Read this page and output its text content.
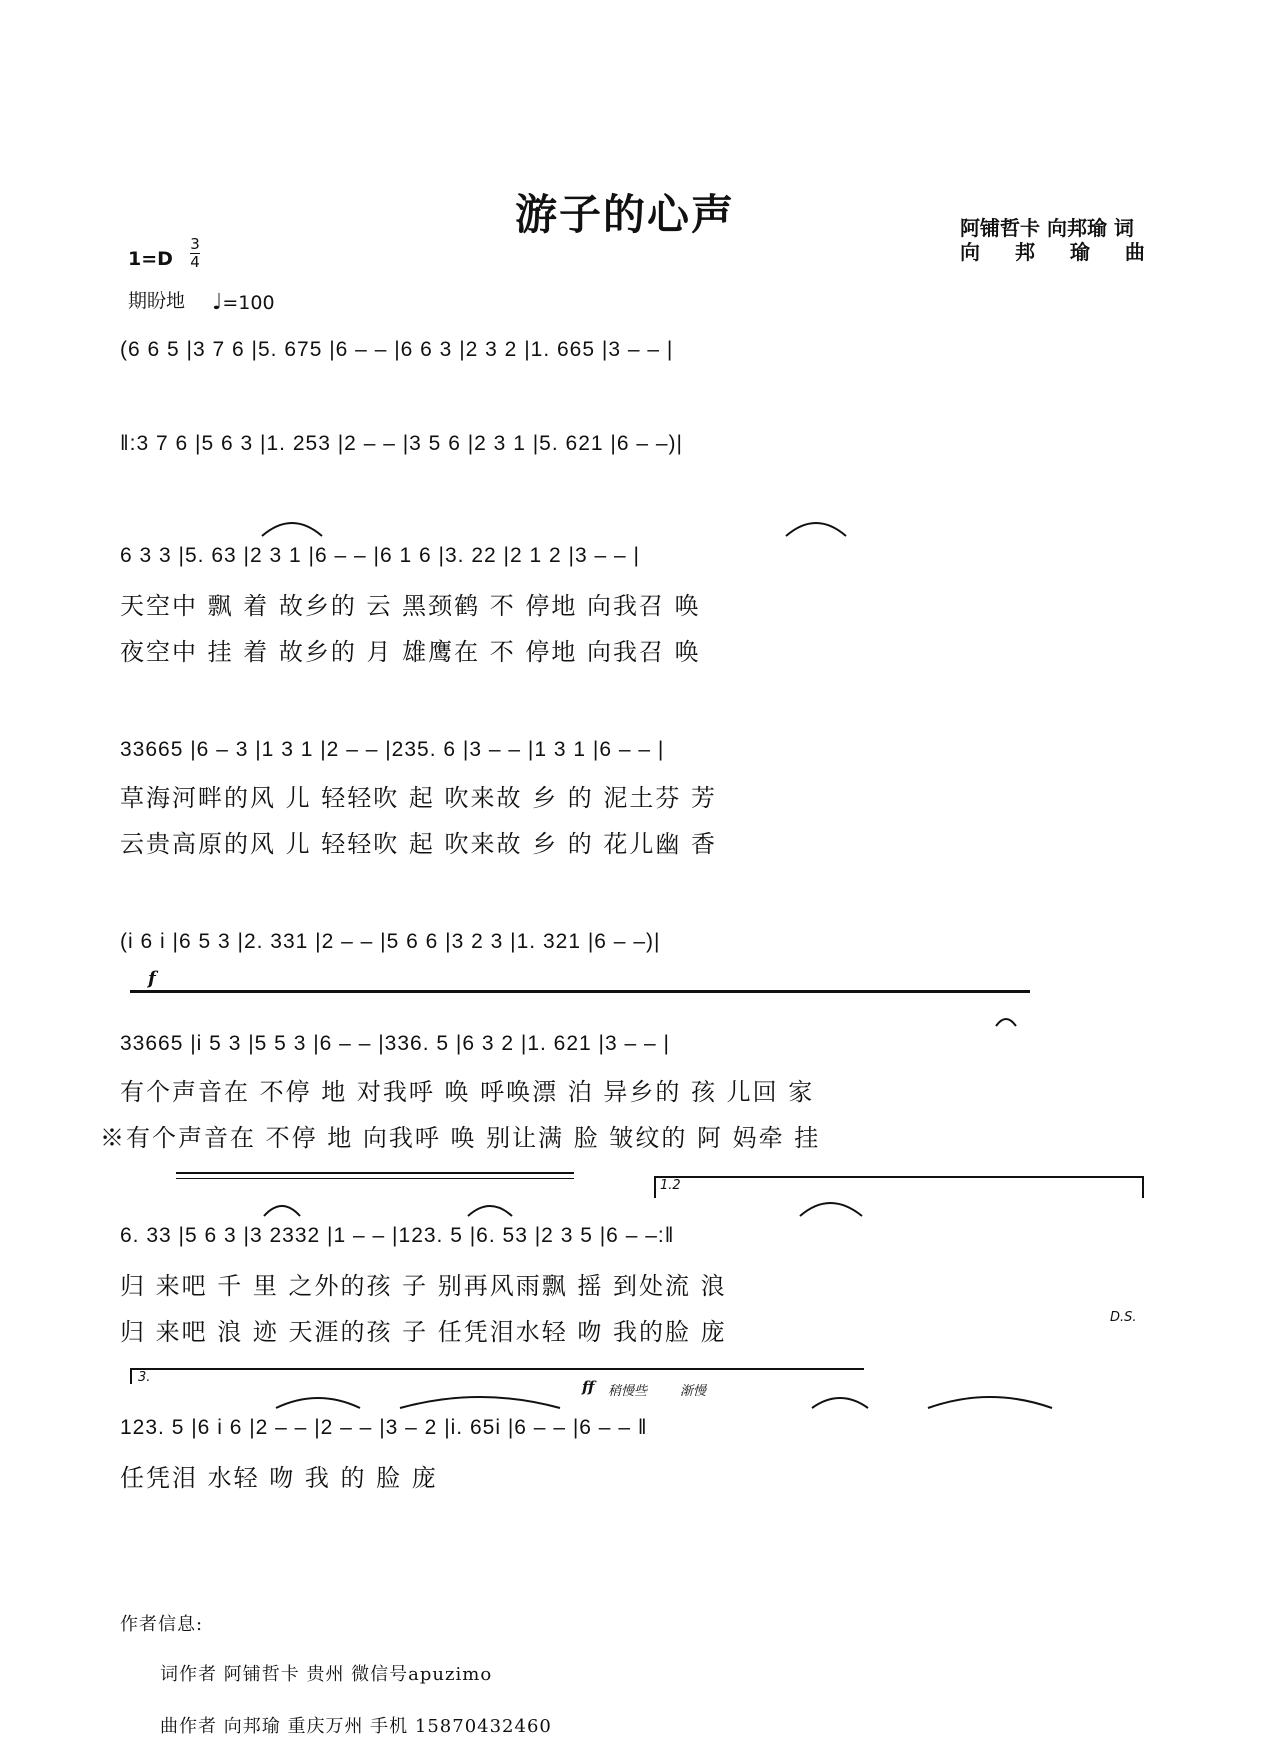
游子的心声	阿铺哲卡 向邦瑜 词
向 邦 瑜 曲
1=D
3
4
期盼地 ♩=100
(6 6 5 |3 7 6 |5. 675 |6 – – |6 6 3 |2 3 2 |1. 665 |3 – – |
‖:3 7 6 |5 6 3 |1. 253 |2 – – |3 5 6 |2 3 1 |5. 621 |6 – –)|
6 3 3 |5. 63 |2 3 1 |6 – – |6 1 6 |3. 22 |2 1 2 |3 – – |
天空中 飘 着 故乡的 云 黑颈鹤 不 停地 向我召 唤
夜空中 挂 着 故乡的 月 雄鹰在 不 停地 向我召 唤
33665 |6 – 3 |1 3 1 |2 – – |235. 6 |3 – – |1 3 1 |6 – – |
草海河畔的风 儿 轻轻吹 起 吹来故 乡 的 泥土芬 芳
云贵高原的风 儿 轻轻吹 起 吹来故 乡 的 花儿幽 香
(i 6 i |6 5 3 |2. 331 |2 – – |5 6 6 |3 2 3 |1. 321 |6 – –)|
f
33665 |i 5 3 |5 5 3 |6 – – |336. 5 |6 3 2 |1. 621 |3 – – |
有个声音在 不停 地 对我呼 唤 呼唤漂 泊 异乡的 孩 儿回 家
※有个声音在 不停 地 向我呼 唤 别让满 脸 皱纹的 阿 妈牵 挂
1.2
6. 33 |5 6 3 |3 2332 |1 – – |123. 5 |6. 53 |2 3 5 |6 – –:‖
归 来吧 千 里 之外的孩 子 别再风雨飘 摇 到处流 浪
归 来吧 浪 迹 天涯的孩 子 任凭泪水轻 吻 我的脸 庞
D.S.
3.
ff 稍慢些	渐慢
123. 5 |6 i 6 |2 – – |2 – – |3 – 2 |i. 65i |6 – – |6 – – ‖
任凭泪 水轻 吻 我 的 脸 庞
作者信息:
词作者 阿铺哲卡 贵州 微信号apuzimo
曲作者 向邦瑜 重庆万州 手机 15870432460
